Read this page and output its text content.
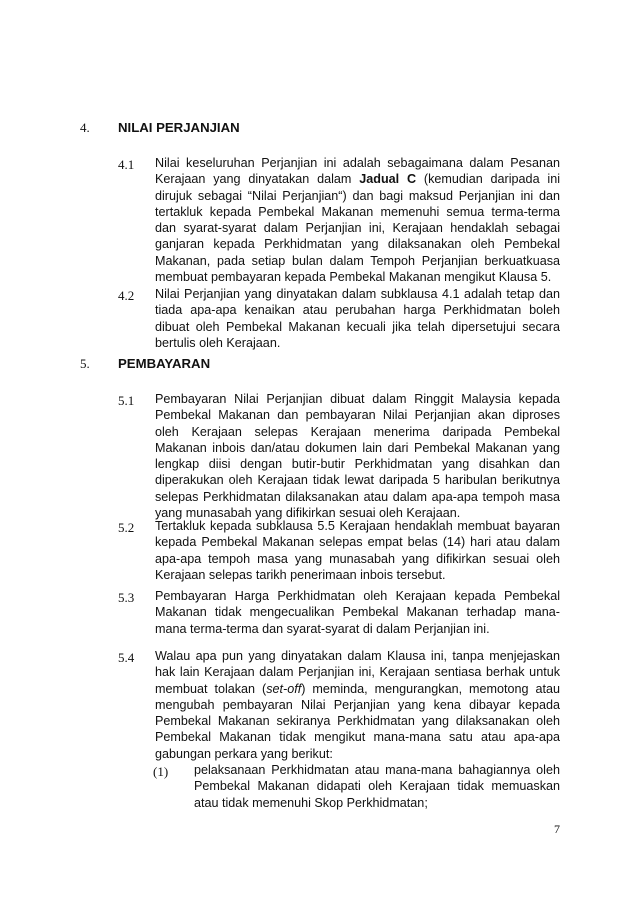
4. NILAI PERJANJIAN
4.1 Nilai keseluruhan Perjanjian ini adalah sebagaimana dalam Pesanan Kerajaan yang dinyatakan dalam Jadual C (kemudian daripada ini dirujuk sebagai “Nilai Perjanjian“) dan bagi maksud Perjanjian ini dan tertakluk kepada Pembekal Makanan memenuhi semua terma-terma dan syarat-syarat dalam Perjanjian ini, Kerajaan hendaklah sebagai ganjaran kepada Perkhidmatan yang dilaksanakan oleh Pembekal Makanan, pada setiap bulan dalam Tempoh Perjanjian berkuatkuasa membuat pembayaran kepada Pembekal Makanan mengikut Klausa 5.
4.2 Nilai Perjanjian yang dinyatakan dalam subklausa 4.1 adalah tetap dan tiada apa-apa kenaikan atau perubahan harga Perkhidmatan boleh dibuat oleh Pembekal Makanan kecuali jika telah dipersetujui secara bertulis oleh Kerajaan.
5. PEMBAYARAN
5.1 Pembayaran Nilai Perjanjian dibuat dalam Ringgit Malaysia kepada Pembekal Makanan dan pembayaran Nilai Perjanjian akan diproses oleh Kerajaan selepas Kerajaan menerima daripada Pembekal Makanan inbois dan/atau dokumen lain dari Pembekal Makanan yang lengkap diisi dengan butir-butir Perkhidmatan yang disahkan dan diperakukan oleh Kerajaan tidak lewat daripada 5 haribulan berikutnya selepas Perkhidmatan dilaksanakan atau dalam apa-apa tempoh masa yang munasabah yang difikirkan sesuai oleh Kerajaan.
5.2 Tertakluk kepada subklausa 5.5 Kerajaan hendaklah membuat bayaran kepada Pembekal Makanan selepas empat belas (14) hari atau dalam apa-apa tempoh masa yang munasabah yang difikirkan sesuai oleh Kerajaan selepas tarikh penerimaan inbois tersebut.
5.3 Pembayaran Harga Perkhidmatan oleh Kerajaan kepada Pembekal Makanan tidak mengecualikan Pembekal Makanan terhadap mana-mana terma-terma dan syarat-syarat di dalam Perjanjian ini.
5.4 Walau apa pun yang dinyatakan dalam Klausa ini, tanpa menjejaskan hak lain Kerajaan dalam Perjanjian ini, Kerajaan sentiasa berhak untuk membuat tolakan (set-off) meminda, mengurangkan, memotong atau mengubah pembayaran Nilai Perjanjian yang kena dibayar kepada Pembekal Makanan sekiranya Perkhidmatan yang dilaksanakan oleh Pembekal Makanan tidak mengikut mana-mana satu atau apa-apa gabungan perkara yang berikut:
(1) pelaksanaan Perkhidmatan atau mana-mana bahagiannya oleh Pembekal Makanan didapati oleh Kerajaan tidak memuaskan atau tidak memenuhi Skop Perkhidmatan;
7
